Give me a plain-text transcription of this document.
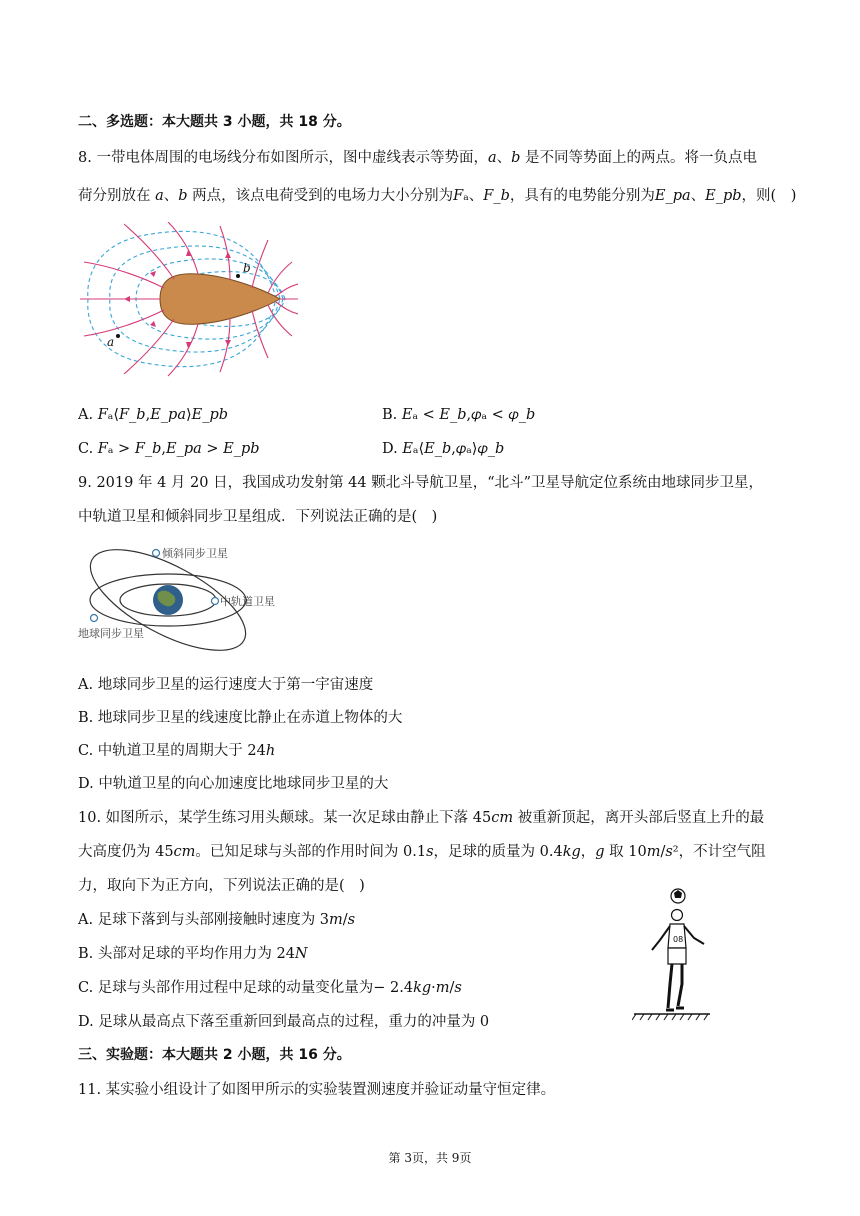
二、多选题：本大题共 3 小题，共 18 分。
8. 一带电体周围的电场线分布如图所示，图中虚线表示等势面，𝑎、𝑏 是不同等势面上的两点。将一负点电
荷分别放在 𝑎、𝑏 两点，该点电荷受到的电场力大小分别为𝐹ₐ、𝐹_𝑏，具有的电势能分别为𝐸_𝑝𝑎、𝐸_𝑝𝑏，则(　)
a
b
A. 𝐹ₐ⟨𝐹_𝑏,𝐸_𝑝𝑎⟩𝐸_𝑝𝑏	B. 𝐸ₐ < 𝐸_𝑏,𝜑ₐ < 𝜑_𝑏
C. 𝐹ₐ > 𝐹_𝑏,𝐸_𝑝𝑎 > 𝐸_𝑝𝑏	D. 𝐸ₐ⟨𝐸_𝑏,𝜑ₐ⟩𝜑_𝑏
9. 2019 年 4 月 20 日，我国成功发射第 44 颗北斗导航卫星，“北斗”卫星导航定位系统由地球同步卫星，
中轨道卫星和倾斜同步卫星组成．下列说法正确的是(　)
倾斜同步卫星
中轨道卫星
地球同步卫星
A. 地球同步卫星的运行速度大于第一宇宙速度
B. 地球同步卫星的线速度比静止在赤道上物体的大
C. 中轨道卫星的周期大于 24ℎ
D. 中轨道卫星的向心加速度比地球同步卫星的大
10. 如图所示，某学生练习用头颠球。某一次足球由静止下落 45𝑐𝑚 被重新顶起，离开头部后竖直上升的最
大高度仍为 45𝑐𝑚。已知足球与头部的作用时间为 0.1𝑠，足球的质量为 0.4𝑘𝑔，𝑔 取 10𝑚/𝑠²，不计空气阻
力，取向下为正方向，下列说法正确的是(　)
08
A. 足球下落到与头部刚接触时速度为 3𝑚/𝑠
B. 头部对足球的平均作用力为 24𝑁
C. 足球与头部作用过程中足球的动量变化量为− 2.4𝑘𝑔·𝑚/𝑠
D. 足球从最高点下落至重新回到最高点的过程，重力的冲量为 0
三、实验题：本大题共 2 小题，共 16 分。
11. 某实验小组设计了如图甲所示的实验装置测速度并验证动量守恒定律。
第 3页，共 9页
